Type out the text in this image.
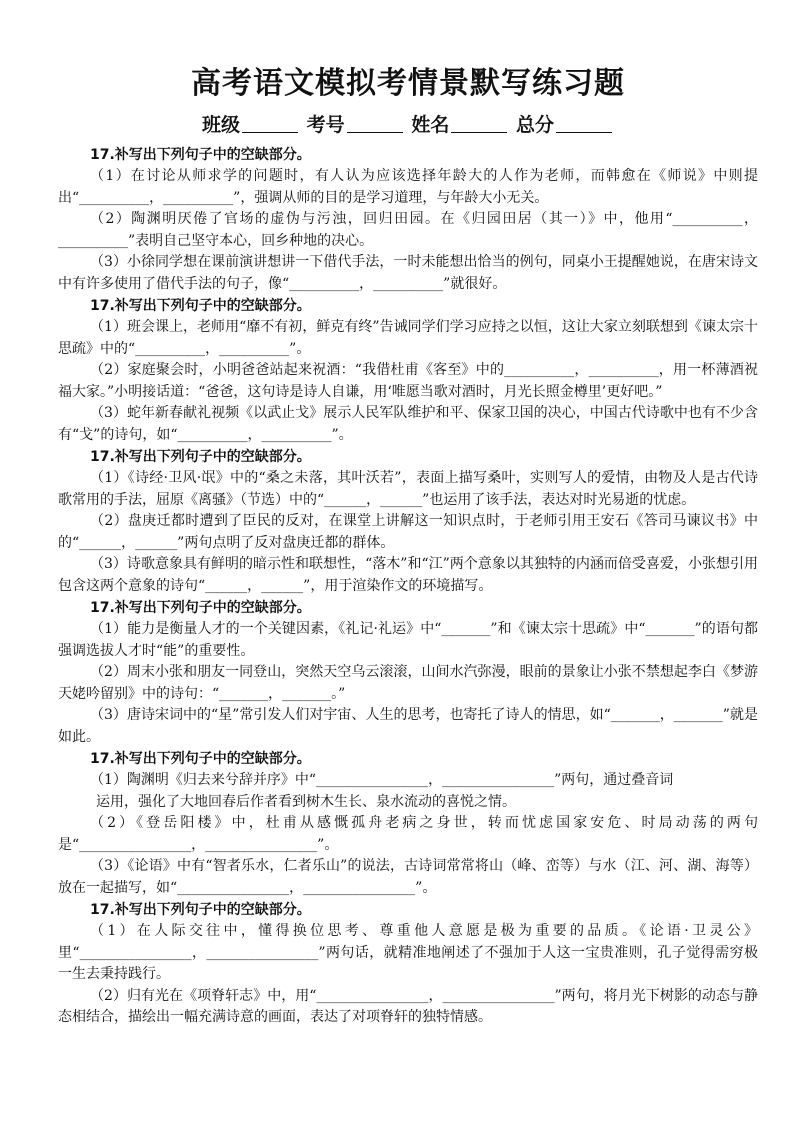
高考语文模拟考情景默写练习题
班级	考号	姓名	总分
17.补写出下列句子中的空缺部分。

（1）在讨论从师求学的问题时，有人认为应该选择年龄大的人作为老师，而韩愈在《师说》中则提出“__________，__________”，强调从师的目的是学习道理，与年龄大小无关。

（2）陶渊明厌倦了官场的虚伪与污浊，回归田园。在《归园田居（其一）》中，他用“__________，__________”表明自己坚守本心，回乡种地的决心。

（3）小徐同学想在课前演讲想讲一下借代手法，一时未能想出恰当的例句，同桌小王提醒她说，在唐宋诗文中有许多使用了借代手法的句子，像“__________，__________”就很好。

17.补写出下列句子中的空缺部分。

（1）班会课上，老师用“靡不有初，鲜克有终”告诫同学们学习应持之以恒，这让大家立刻联想到《谏太宗十思疏》中的“__________，__________”。

（2）家庭聚会时，小明爸爸站起来祝酒：“我借杜甫《客至》中的__________，__________，用一杯薄酒祝福大家。”小明接话道：“爸爸，这句诗是诗人自谦，用‘唯愿当歌对酒时，月光长照金樽里’更好吧。”

（3）蛇年新春献礼视频《以武止戈》展示人民军队维护和平、保家卫国的决心，中国古代诗歌中也有不少含有“戈”的诗句，如“__________，__________”。

17.补写出下列句子中的空缺部分。

（1）《诗经·卫风·氓》中的“桑之未落，其叶沃若”，表面上描写桑叶，实则写人的爱情，由物及人是古代诗歌常用的手法，屈原《离骚》（节选）中的“______，______”也运用了该手法，表达对时光易逝的忧虑。

（2）盘庚迁都时遭到了臣民的反对，在课堂上讲解这一知识点时，于老师引用王安石《答司马谏议书》中的“______，______”两句点明了反对盘庚迁都的群体。

（3）诗歌意象具有鲜明的暗示性和联想性，“落木”和“江”两个意象以其独特的内涵而倍受喜爱，小张想引用包含这两个意象的诗句“______，______”，用于渲染作文的环境描写。

17.补写出下列句子中的空缺部分。

（1）能力是衡量人才的一个关键因素，《礼记·礼运》中“_______”和《谏太宗十思疏》中“_______”的语句都强调选拔人才时“能”的重要性。

（2）周末小张和朋友一同登山，突然天空乌云滚滚，山间水汽弥漫，眼前的景象让小张不禁想起李白《梦游天姥吟留别》中的诗句：“_______，_______。”

（3）唐诗宋词中的“星”常引发人们对宇宙、人生的思考，也寄托了诗人的情思，如“_______，_______”就是如此。

17.补写出下列句子中的空缺部分。

（1）陶渊明《归去来兮辞并序》中“________________，________________”两句，通过叠音词

运用，强化了大地回春后作者看到树木生长、泉水流动的喜悦之情。

（2）《登岳阳楼》中，杜甫从感慨孤舟老病之身世，转而忧虑国家安危、时局动荡的两句是“________________，________________”。

（3）《论语》中有“智者乐水，仁者乐山”的说法，古诗词常常将山（峰、峦等）与水（江、河、湖、海等）放在一起描写，如“________________，________________”。

17.补写出下列句子中的空缺部分。

（1）在人际交往中，懂得换位思考、尊重他人意愿是极为重要的品质。《论语·卫灵公》里“________________，________________”两句话，就精准地阐述了不强加于人这一宝贵准则，孔子觉得需穷极一生去秉持践行。

（2）归有光在《项脊轩志》中，用“________________，________________”两句，将月光下树影的动态与静态相结合，描绘出一幅充满诗意的画面，表达了对项脊轩的独特情感。
